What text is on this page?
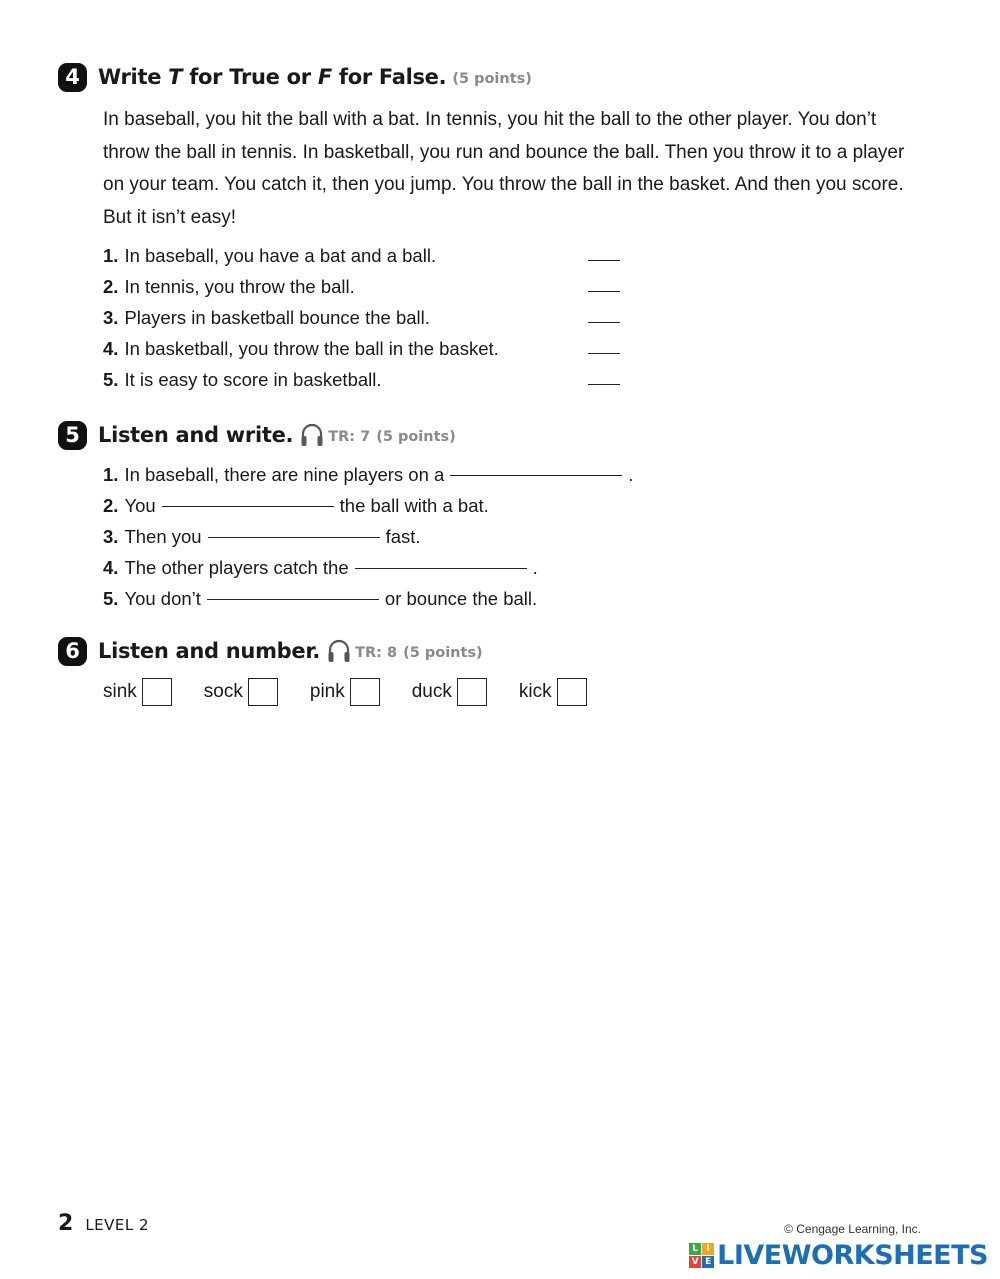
4 Write T for True or F for False. (5 points)
In baseball, you hit the ball with a bat. In tennis, you hit the ball to the other player. You don’t throw the ball in tennis. In basketball, you run and bounce the ball. Then you throw it to a player on your team. You catch it, then you jump. You throw the ball in the basket. And then you score. But it isn’t easy!
1. In baseball, you have a bat and a ball.
2. In tennis, you throw the ball.
3. Players in basketball bounce the ball.
4. In basketball, you throw the ball in the basket.
5. It is easy to score in basketball.
5 Listen and write. TR: 7 (5 points)
1. In baseball, there are nine players on a	.
2. You	the ball with a bat.
3. Then you	fast.
4. The other players catch the	.
5. You don’t	or bounce the ball.
6 Listen and number. TR: 8 (5 points)
sink	sock	pink	duck	kick
2 LEVEL 2	© Cengage Learning, Inc.
L I
V E LIVEWORKSHEETS
